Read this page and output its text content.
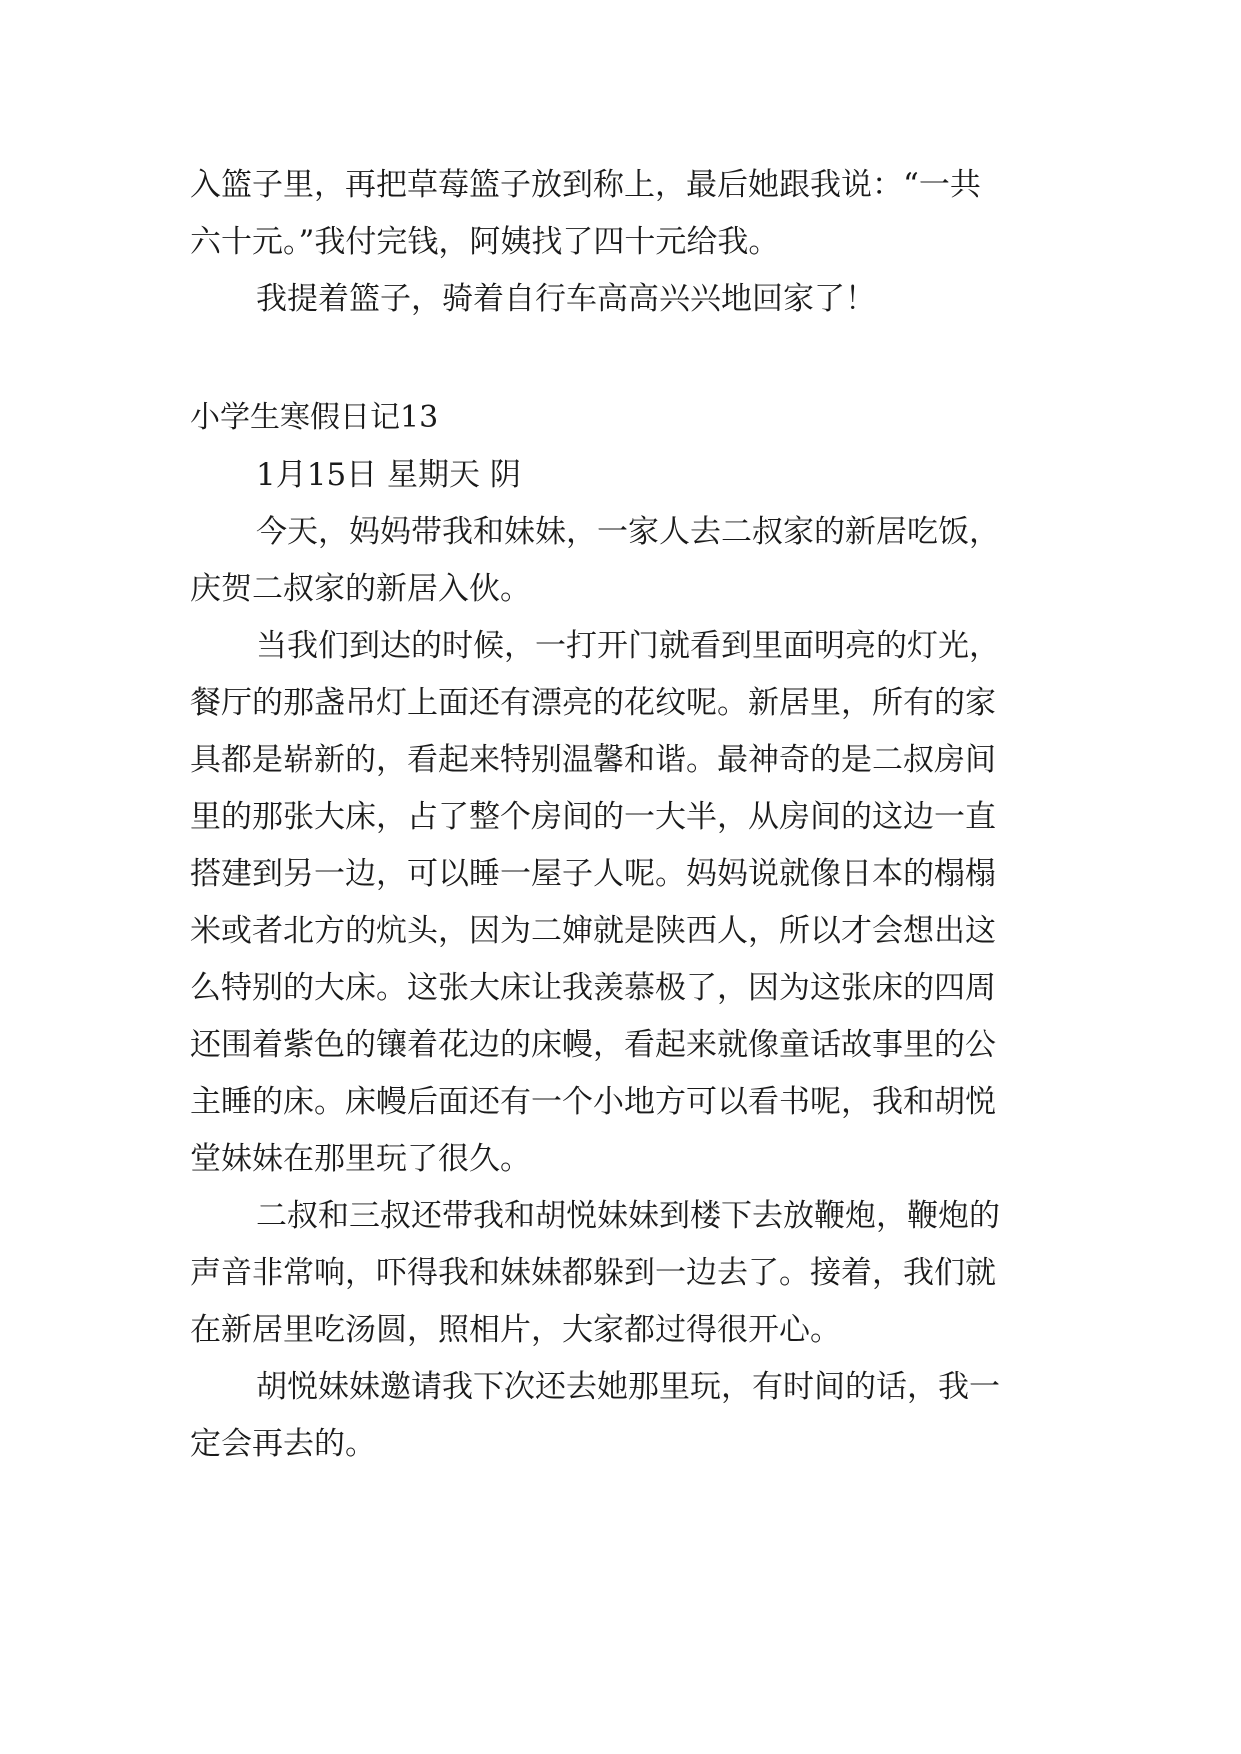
入篮子里，再把草莓篮子放到称上，最后她跟我说：“一共

六十元。”我付完钱，阿姨找了四十元给我。

我提着篮子，骑着自行车高高兴兴地回家了！

小学生寒假日记13

1月15日 星期天 阴

今天，妈妈带我和妹妹，一家人去二叔家的新居吃饭，

庆贺二叔家的新居入伙。

当我们到达的时候，一打开门就看到里面明亮的灯光，

餐厅的那盏吊灯上面还有漂亮的花纹呢。新居里，所有的家

具都是崭新的，看起来特别温馨和谐。最神奇的是二叔房间

里的那张大床，占了整个房间的一大半，从房间的这边一直

搭建到另一边，可以睡一屋子人呢。妈妈说就像日本的榻榻

米或者北方的炕头，因为二婶就是陕西人，所以才会想出这

么特别的大床。这张大床让我羡慕极了，因为这张床的四周

还围着紫色的镶着花边的床幔，看起来就像童话故事里的公

主睡的床。床幔后面还有一个小地方可以看书呢，我和胡悦

堂妹妹在那里玩了很久。

二叔和三叔还带我和胡悦妹妹到楼下去放鞭炮，鞭炮的

声音非常响，吓得我和妹妹都躲到一边去了。接着，我们就

在新居里吃汤圆，照相片，大家都过得很开心。

胡悦妹妹邀请我下次还去她那里玩，有时间的话，我一

定会再去的。
